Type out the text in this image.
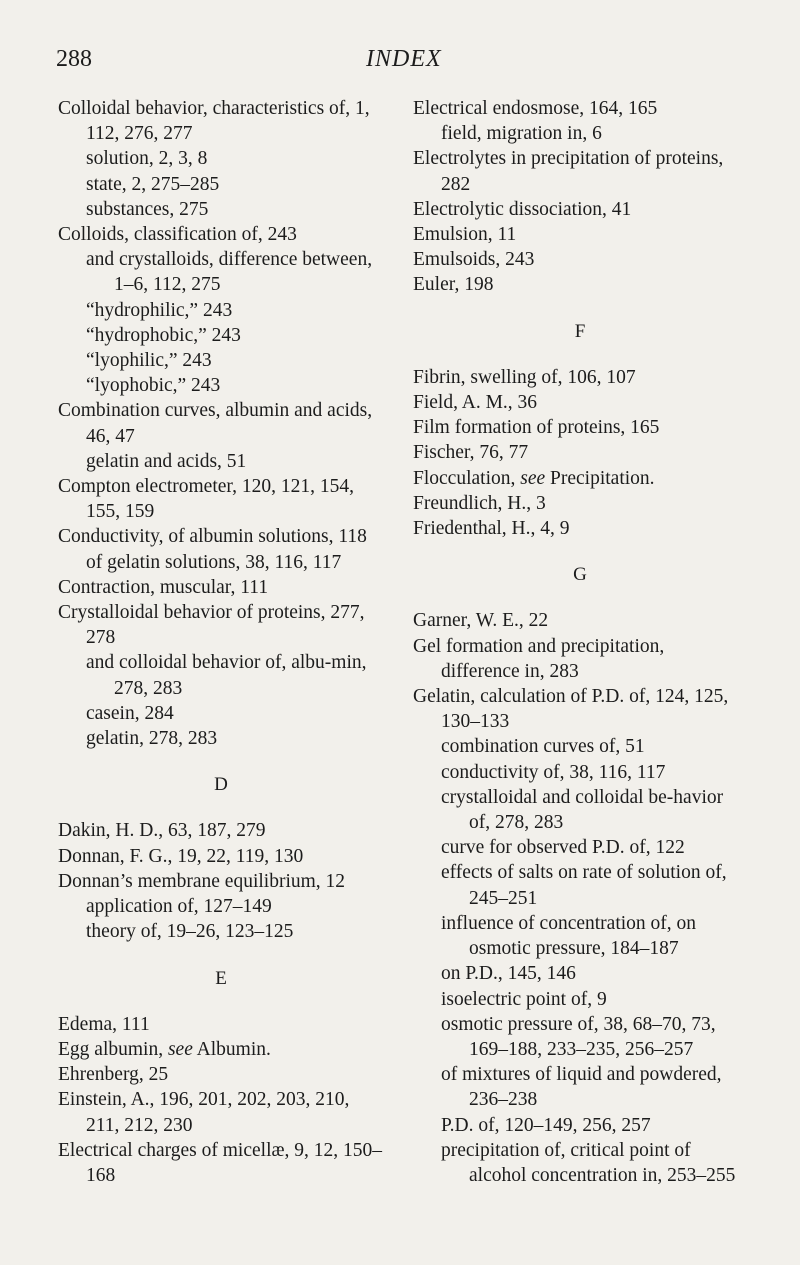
288	INDEX

Colloidal behavior, characteristics of, 1, 112, 276, 277

solution, 2, 3, 8

state, 2, 275–285

substances, 275

Colloids, classification of, 243

and crystalloids, difference between, 1–6, 112, 275

“hydrophilic,” 243

“hydrophobic,” 243

“lyophilic,” 243

“lyophobic,” 243

Combination curves, albumin and acids, 46, 47

gelatin and acids, 51

Compton electrometer, 120, 121, 154, 155, 159

Conductivity, of albumin solutions, 118

of gelatin solutions, 38, 116, 117

Contraction, muscular, 111

Crystalloidal behavior of proteins, 277, 278

and colloidal behavior of, albu-min, 278, 283

casein, 284

gelatin, 278, 283

D

Dakin, H. D., 63, 187, 279

Donnan, F. G., 19, 22, 119, 130

Donnan’s membrane equilibrium, 12

application of, 127–149

theory of, 19–26, 123–125

E

Edema, 111

Egg albumin, see Albumin.

Ehrenberg, 25

Einstein, A., 196, 201, 202, 203, 210, 211, 212, 230

Electrical charges of micellæ, 9, 12, 150–168

Electrical endosmose, 164, 165

field, migration in, 6

Electrolytes in precipitation of proteins, 282

Electrolytic dissociation, 41

Emulsion, 11

Emulsoids, 243

Euler, 198

F

Fibrin, swelling of, 106, 107

Field, A. M., 36

Film formation of proteins, 165

Fischer, 76, 77

Flocculation, see Precipitation.

Freundlich, H., 3

Friedenthal, H., 4, 9

G

Garner, W. E., 22

Gel formation and precipitation, difference in, 283

Gelatin, calculation of P.D. of, 124, 125, 130–133

combination curves of, 51

conductivity of, 38, 116, 117

crystalloidal and colloidal be-havior of, 278, 283

curve for observed P.D. of, 122

effects of salts on rate of solution of, 245–251

influence of concentration of, on osmotic pressure, 184–187

on P.D., 145, 146

isoelectric point of, 9

osmotic pressure of, 38, 68–70, 73, 169–188, 233–235, 256–257

of mixtures of liquid and powdered, 236–238

P.D. of, 120–149, 256, 257

precipitation of, critical point of alcohol concentration in, 253–255
